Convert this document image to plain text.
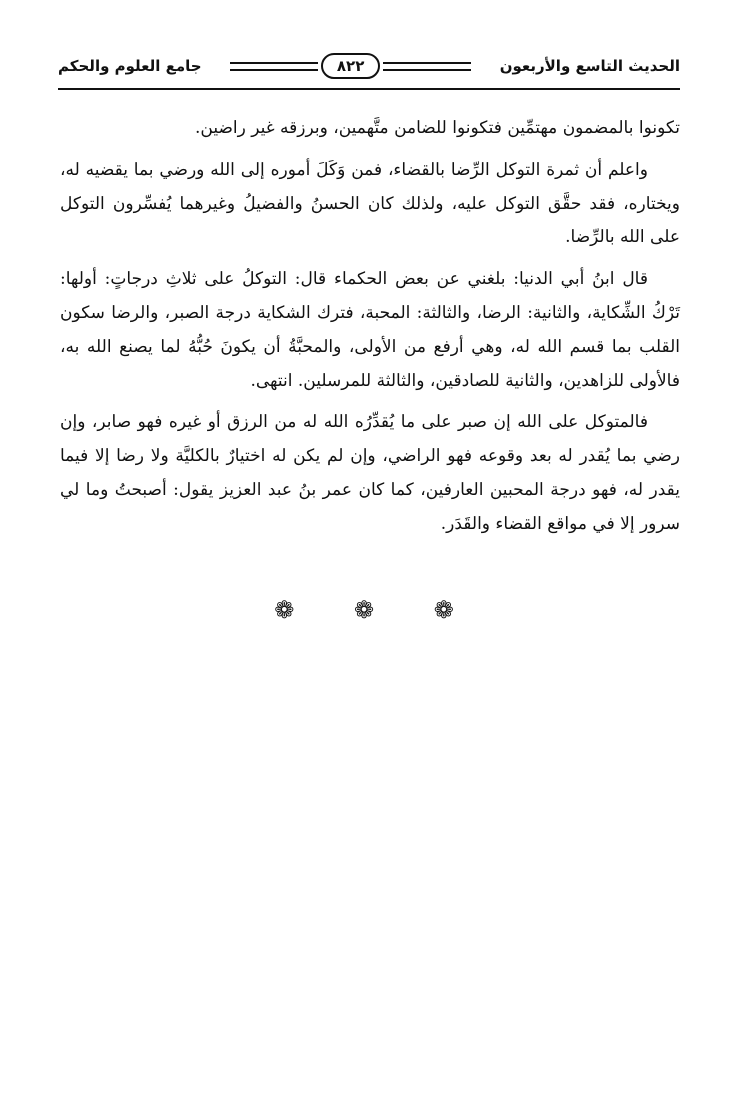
الحديث التاسع والأربعون
٨٢٢
جامع العلوم والحكم

تكونوا بالمضمون مهتمِّين فتكونوا للضامن متَّهمين، وبرزقه غير راضين.

واعلم أن ثمرة التوكل الرِّضا بالقضاء، فمن وَكَلَ أموره إلى الله ورضي بما يقضيه له، ويختاره، فقد حقَّق التوكل عليه، ولذلك كان الحسنُ والفضيلُ وغيرهما يُفسِّرون التوكل على الله بالرِّضا.

قال ابنُ أبي الدنيا: بلغني عن بعض الحكماء قال: التوكلُ على ثلاثِ درجاتٍ: أولها: تَرْكُ الشِّكاية، والثانية: الرضا، والثالثة: المحبة، فترك الشكاية درجة الصبر، والرضا سكون القلب بما قسم الله له، وهي أرفع من الأولى، والمحبَّةُ أن يكونَ حُبُّهُ لما يصنع الله به، فالأولى للزاهدين، والثانية للصادقين، والثالثة للمرسلين. انتهى.

فالمتوكل على الله إن صبر على ما يُقدِّرُه الله له من الرزق أو غيره فهو صابر، وإن رضي بما يُقدر له بعد وقوعه فهو الراضي، وإن لم يكن له اختيارٌ بالكليَّة ولا رضا إلا فيما يقدر له، فهو درجة المحبين العارفين، كما كان عمر بنُ عبد العزيز يقول: أصبحتُ وما لي سرور إلا في مواقع القضاء والقَدَر.

❁ ❁ ❁
